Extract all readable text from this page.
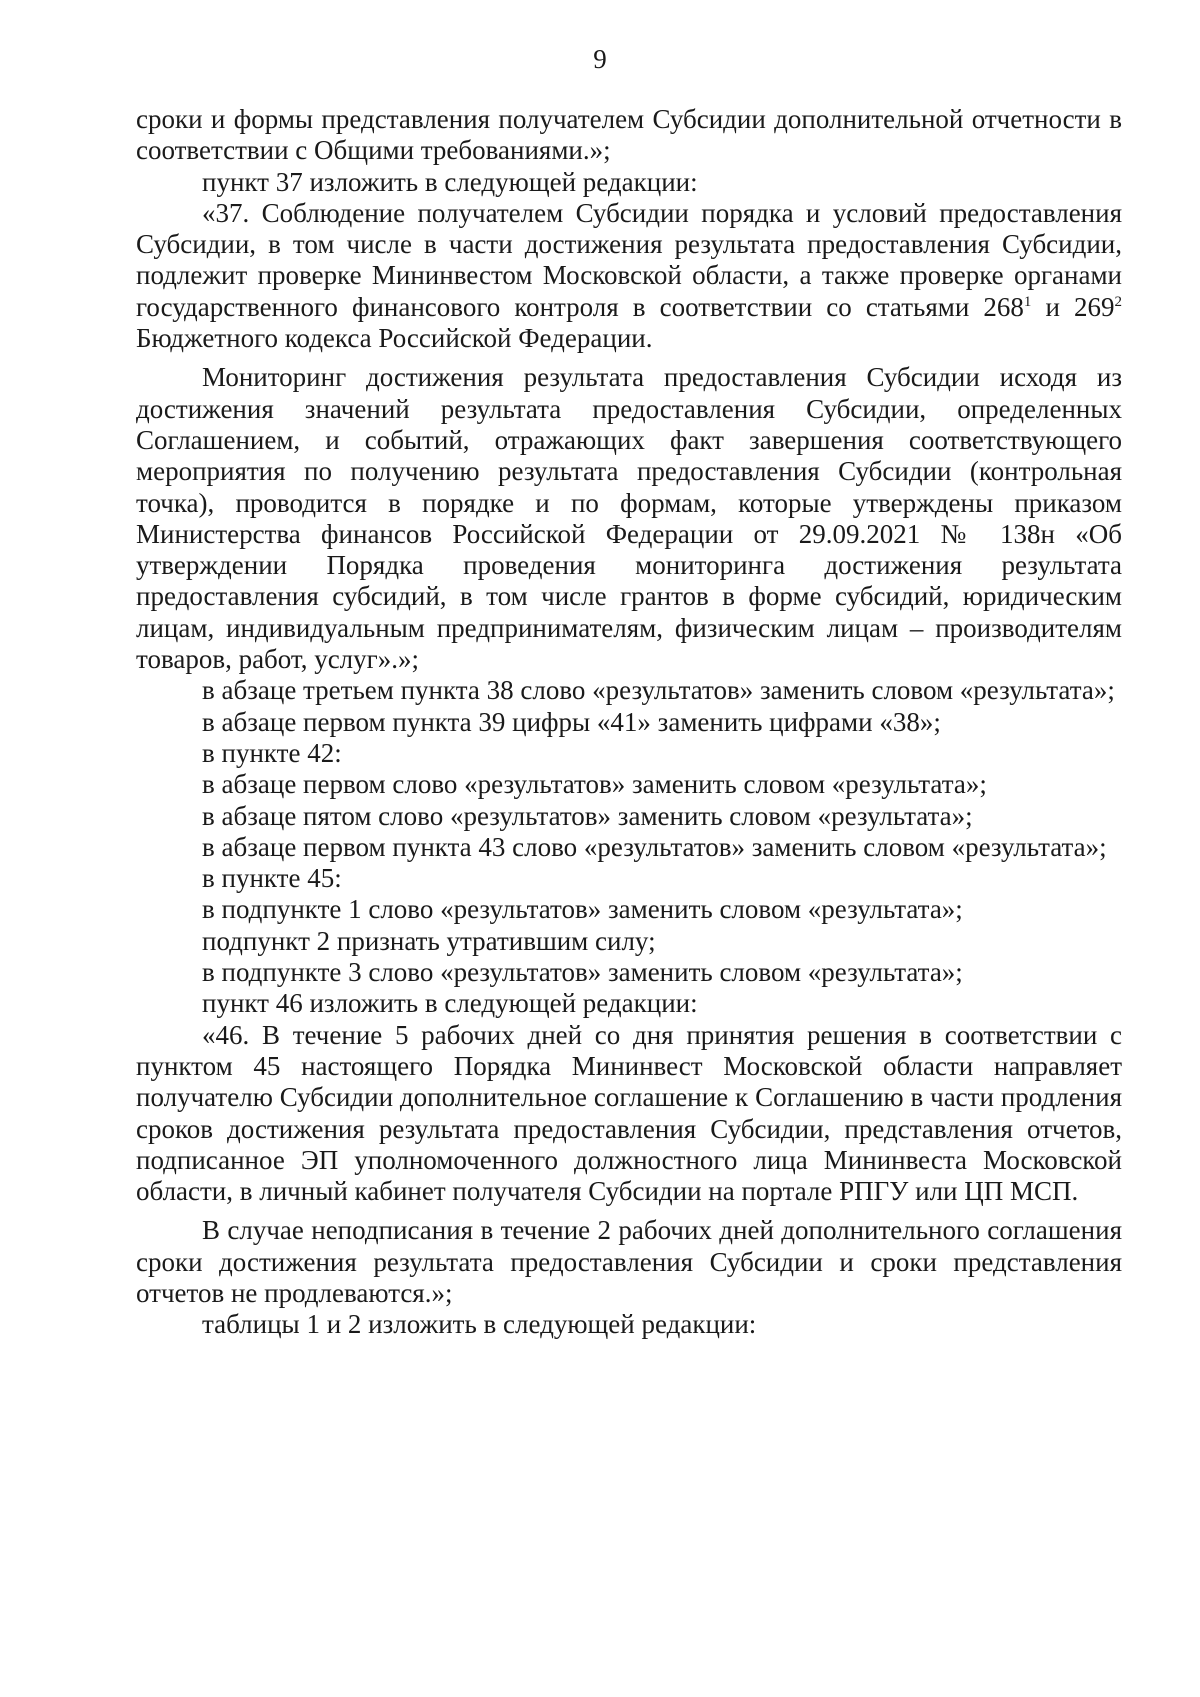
9

сроки и формы представления получателем Субсидии дополнительной отчетности в соответствии с Общими требованиями.»;

пункт 37 изложить в следующей редакции:

«37. Соблюдение получателем Субсидии порядка и условий предоставления Субсидии, в том числе в части достижения результата предоставления Субсидии, подлежит проверке Мининвестом Московской области, а также проверке органами государственного финансового контроля в соответствии со статьями $268^1$ и $269^2$ Бюджетного кодекса Российской Федерации.

Мониторинг достижения результата предоставления Субсидии исходя из достижения значений результата предоставления Субсидии, определенных Соглашением, и событий, отражающих факт завершения соответствующего мероприятия по получению результата предоставления Субсидии (контрольная точка), проводится в порядке и по формам, которые утверждены приказом Министерства финансов Российской Федерации от 29.09.2021 № 138н «Об утверждении Порядка проведения мониторинга достижения результата предоставления субсидий, в том числе грантов в форме субсидий, юридическим лицам, индивидуальным предпринимателям, физическим лицам – производителям товаров, работ, услуг».»;

в абзаце третьем пункта 38 слово «результатов» заменить словом «результата»;

в абзаце первом пункта 39 цифры «41» заменить цифрами «38»;

в пункте 42:

в абзаце первом слово «результатов» заменить словом «результата»;

в абзаце пятом слово «результатов» заменить словом «результата»;

в абзаце первом пункта 43 слово «результатов» заменить словом «результата»;

в пункте 45:

в подпункте 1 слово «результатов» заменить словом «результата»;

подпункт 2 признать утратившим силу;

в подпункте 3 слово «результатов» заменить словом «результата»;

пункт 46 изложить в следующей редакции:

«46. В течение 5 рабочих дней со дня принятия решения в соответствии с пунктом 45 настоящего Порядка Мининвест Московской области направляет получателю Субсидии дополнительное соглашение к Соглашению в части продления сроков достижения результата предоставления Субсидии, представления отчетов, подписанное ЭП уполномоченного должностного лица Мининвеста Московской области, в личный кабинет получателя Субсидии на портале РПГУ или ЦП МСП.

В случае неподписания в течение 2 рабочих дней дополнительного соглашения сроки достижения результата предоставления Субсидии и сроки представления отчетов не продлеваются.»;

таблицы 1 и 2 изложить в следующей редакции:
